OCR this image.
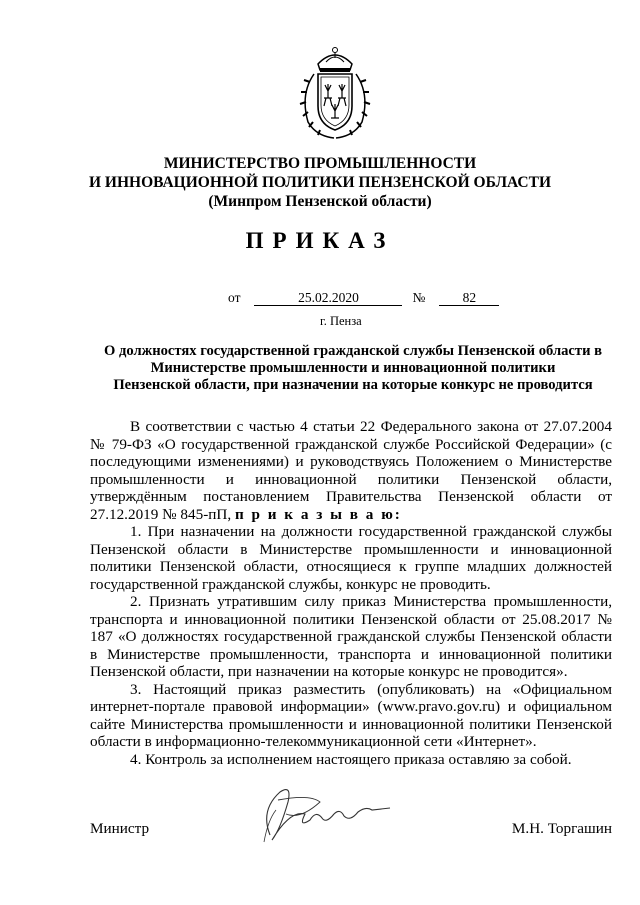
МИНИСТЕРСТВО ПРОМЫШЛЕННОСТИ
И ИННОВАЦИОННОЙ ПОЛИТИКИ ПЕНЗЕНСКОЙ ОБЛАСТИ
(Минпром Пензенской области)
ПРИКАЗ
от	25.02.2020	№	82
г. Пенза
О должностях государственной гражданской службы Пензенской области в
Министерстве промышленности и инновационной политики
Пензенской области, при назначении на которые конкурс не проводится

В соответствии с частью 4 статьи 22 Федерального закона от 27.07.2004 № 79-ФЗ «О государственной гражданской службе Российской Федерации» (с последующими изменениями) и руководствуясь Положением о Министерстве промышленности и инновационной политики Пензенской области, утверждённым постановлением Правительства Пензенской области от 27.12.2019 № 845-пП, п р и к а з ы в а ю:

1. При назначении на должности государственной гражданской службы Пензенской области в Министерстве промышленности и инновационной политики Пензенской области, относящиеся к группе младших должностей государственной гражданской службы, конкурс не проводить.

2. Признать утратившим силу приказ Министерства промышленности, транспорта и инновационной политики Пензенской области от 25.08.2017 № 187 «О должностях государственной гражданской службы Пензенской области в Министерстве промышленности, транспорта и инновационной политики Пензенской области, при назначении на которые конкурс не проводится».

3. Настоящий приказ разместить (опубликовать) на «Официальном интернет-портале правовой информации» (www.pravo.gov.ru) и официальном сайте Министерства промышленности и инновационной политики Пензенской области в информационно-телекоммуникационной сети «Интернет».

4. Контроль за исполнением настоящего приказа оставляю за собой.

Министр	М.Н. Торгашин
